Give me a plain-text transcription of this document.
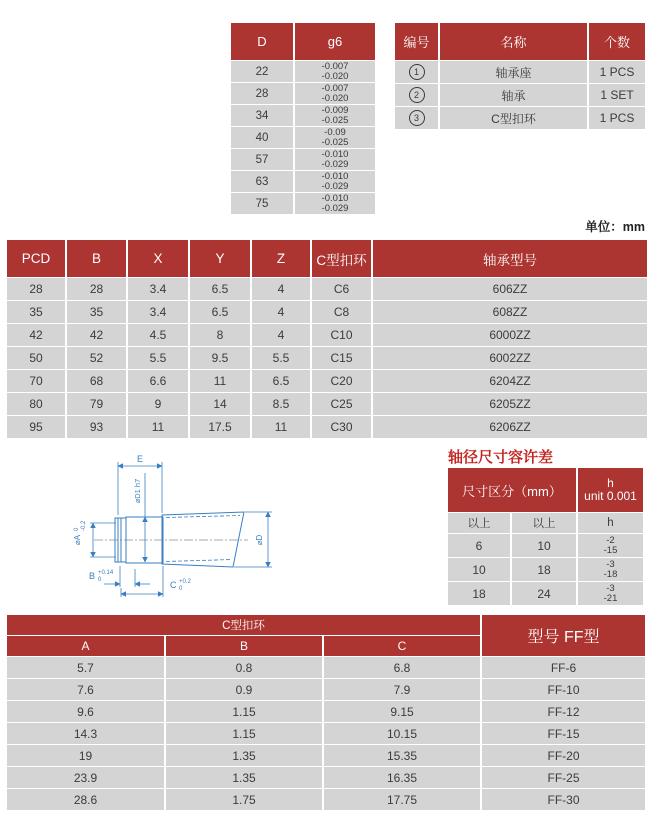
D	g6
22	-0.007
-0.020
28	-0.007
-0.020
34	-0.009
-0.025
40	-0.09
-0.025
57	-0.010
-0.029
63	-0.010
-0.029
75	-0.010
-0.029
编号	名称	个数
1	轴承座	1 PCS
2	轴承	1 SET
3	C型扣环	1 PCS
单位：mm
PCD	B	X	Y	Z	C型扣环	轴承型号
28	28	3.4	6.5	4	C6	606ZZ
35	35	3.4	6.5	4	C8	608ZZ
42	42	4.5	8	4	C10	6000ZZ
50	52	5.5	9.5	5.5	C15	6002ZZ
70	68	6.6	11	6.5	C20	6204ZZ
80	79	9	14	8.5	C25	6205ZZ
95	93	11	17.5	11	C30	6206ZZ
E
⌀D1 h7
⌀A
0 -0.2
B +0.14
0	C +0.2
0
⌀D
轴径尺寸容许差
尺寸区分（mm）
h
unit 0.001
以上	以上	h
6	10	-2
-15
10	18	-3
-18
18	24	-3
-21
C型扣环
A	B	C	型号 FF型
5.7	0.8	6.8	FF-6
7.6	0.9	7.9	FF-10
9.6	1.15	9.15	FF-12
14.3	1.15	10.15	FF-15
19	1.35	15.35	FF-20
23.9	1.35	16.35	FF-25
28.6	1.75	17.75	FF-30
